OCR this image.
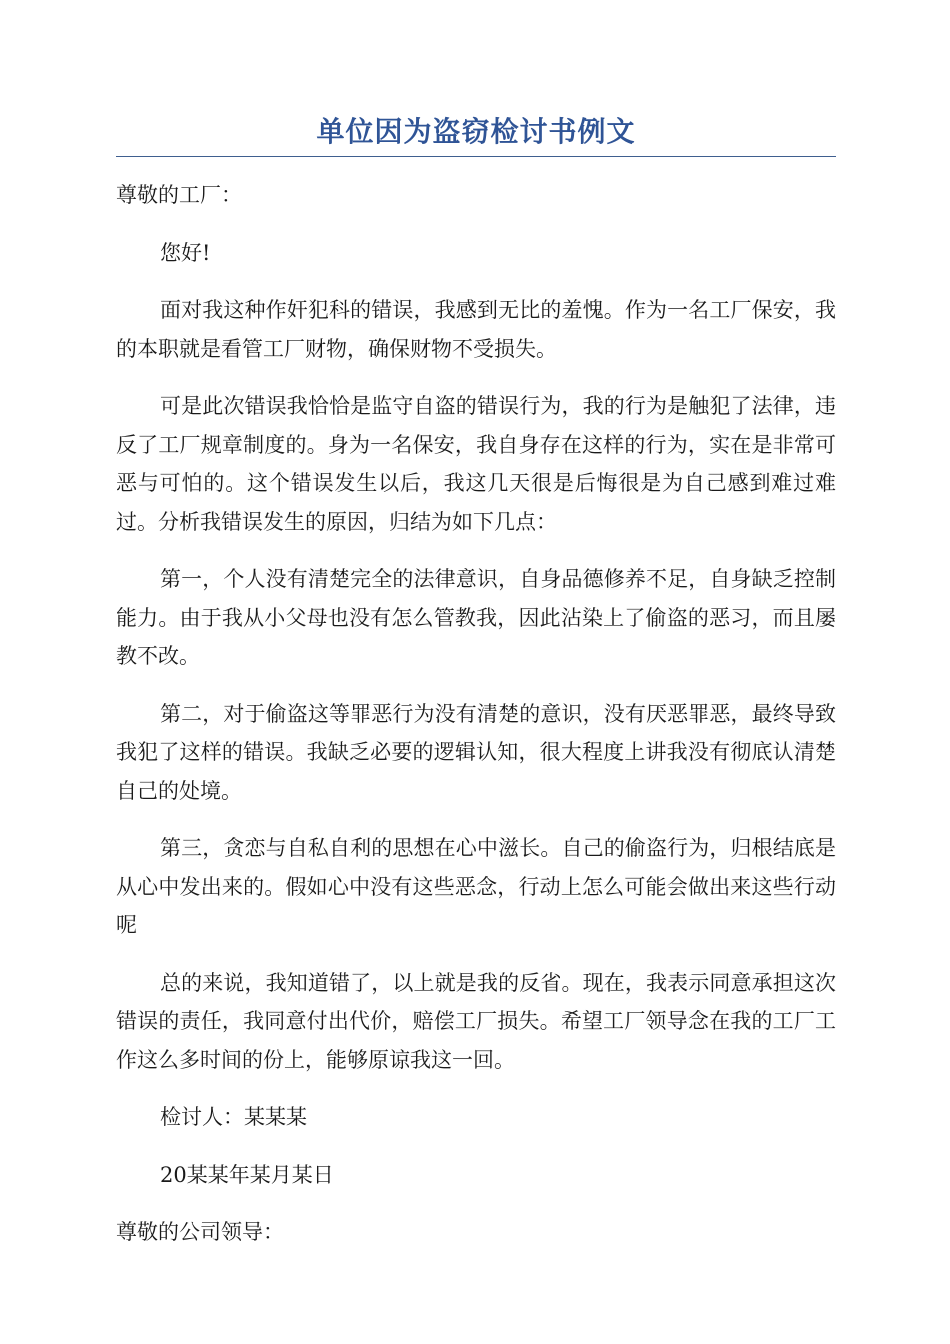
单位因为盗窃检讨书例文

尊敬的工厂：

您好!

面对我这种作奸犯科的错误，我感到无比的羞愧。作为一名工厂保安，我的本职就是看管工厂财物，确保财物不受损失。

可是此次错误我恰恰是监守自盗的错误行为，我的行为是触犯了法律，违反了工厂规章制度的。身为一名保安，我自身存在这样的行为，实在是非常可恶与可怕的。这个错误发生以后，我这几天很是后悔很是为自己感到难过难过。分析我错误发生的原因，归结为如下几点：

第一，个人没有清楚完全的法律意识，自身品德修养不足，自身缺乏控制能力。由于我从小父母也没有怎么管教我，因此沾染上了偷盗的恶习，而且屡教不改。

第二，对于偷盗这等罪恶行为没有清楚的意识，没有厌恶罪恶，最终导致我犯了这样的错误。我缺乏必要的逻辑认知，很大程度上讲我没有彻底认清楚自己的处境。

第三，贪恋与自私自利的思想在心中滋长。自己的偷盗行为，归根结底是从心中发出来的。假如心中没有这些恶念，行动上怎么可能会做出来这些行动呢

总的来说，我知道错了，以上就是我的反省。现在，我表示同意承担这次错误的责任，我同意付出代价，赔偿工厂损失。希望工厂领导念在我的工厂工作这么多时间的份上，能够原谅我这一回。

检讨人：某某某

20某某年某月某日

尊敬的公司领导：
